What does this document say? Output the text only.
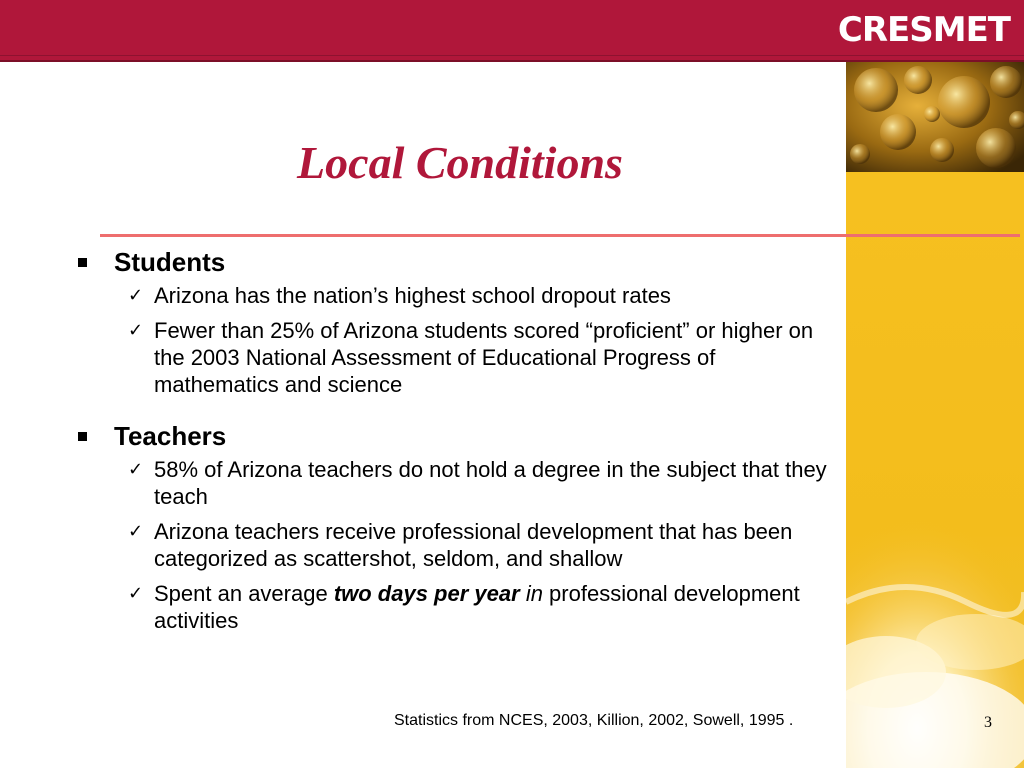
CRESMET
Local Conditions
Students
✓ Arizona has the nation’s highest school dropout rates
✓ Fewer than 25% of Arizona students scored “proficient” or higher on the 2003 National Assessment of Educational Progress of mathematics and science
Teachers
✓ 58% of Arizona teachers do not hold a degree in the subject that they teach
✓ Arizona teachers receive professional development that has been categorized as scattershot, seldom, and shallow
✓ Spent an average two days per year in professional development activities
Statistics from NCES, 2003, Killion, 2002, Sowell, 1995 .	3
